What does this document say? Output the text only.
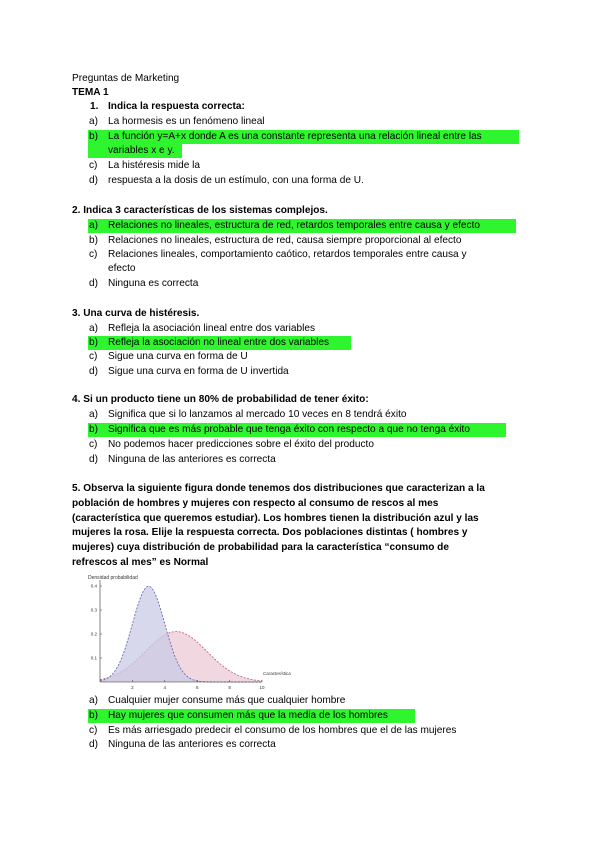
Preguntas de Marketing
TEMA 1
1. Indica la respuesta correcta:
a) La hormesis es un fenómeno lineal
b) La función y=A+x donde A es una constante representa una relación lineal entre las
variables x e y.
c) La histéresis mide la
d) respuesta a la dosis de un estímulo, con una forma de U.
2. Indica 3 características de los sistemas complejos.
a) Relaciones no lineales, estructura de red, retardos temporales entre causa y efecto
b) Relaciones no lineales, estructura de red, causa siempre proporcional al efecto
c) Relaciones lineales, comportamiento caótico, retardos temporales entre causa y
efecto
d) Ninguna es correcta
3. Una curva de histéresis.
a) Refleja la asociación lineal entre dos variables
b) Refleja la asociación no lineal entre dos variables
c) Sigue una curva en forma de U
d) Sigue una curva en forma de U invertida
4. Si un producto tiene un 80% de probabilidad de tener éxito:
a) Significa que si lo lanzamos al mercado 10 veces en 8 tendrá éxito
b) Significa que es más probable que tenga éxito con respecto a que no tenga éxito
c) No podemos hacer predicciones sobre el éxito del producto
d) Ninguna de las anteriores es correcta
5. Observa la siguiente figura donde tenemos dos distribuciones que caracterizan a la
población de hombres y mujeres con respecto al consumo de rescos al mes
(característica que queremos estudiar). Los hombres tienen la distribución azul y las
mujeres la rosa. Elije la respuesta correcta. Dos poblaciones distintas ( hombres y
mujeres) cuya distribución de probabilidad para la característica “consumo de
refrescos al mes” es Normal
2	4	6	8	10
0.1
0.2
0.3
0.4
Densidad probabilidad
Característica
a) Cualquier mujer consume más que cualquier hombre
b) Hay mujeres que consumen más que la media de los hombres
c) Es más arriesgado predecir el consumo de los hombres que el de las mujeres
d) Ninguna de las anteriores es correcta
